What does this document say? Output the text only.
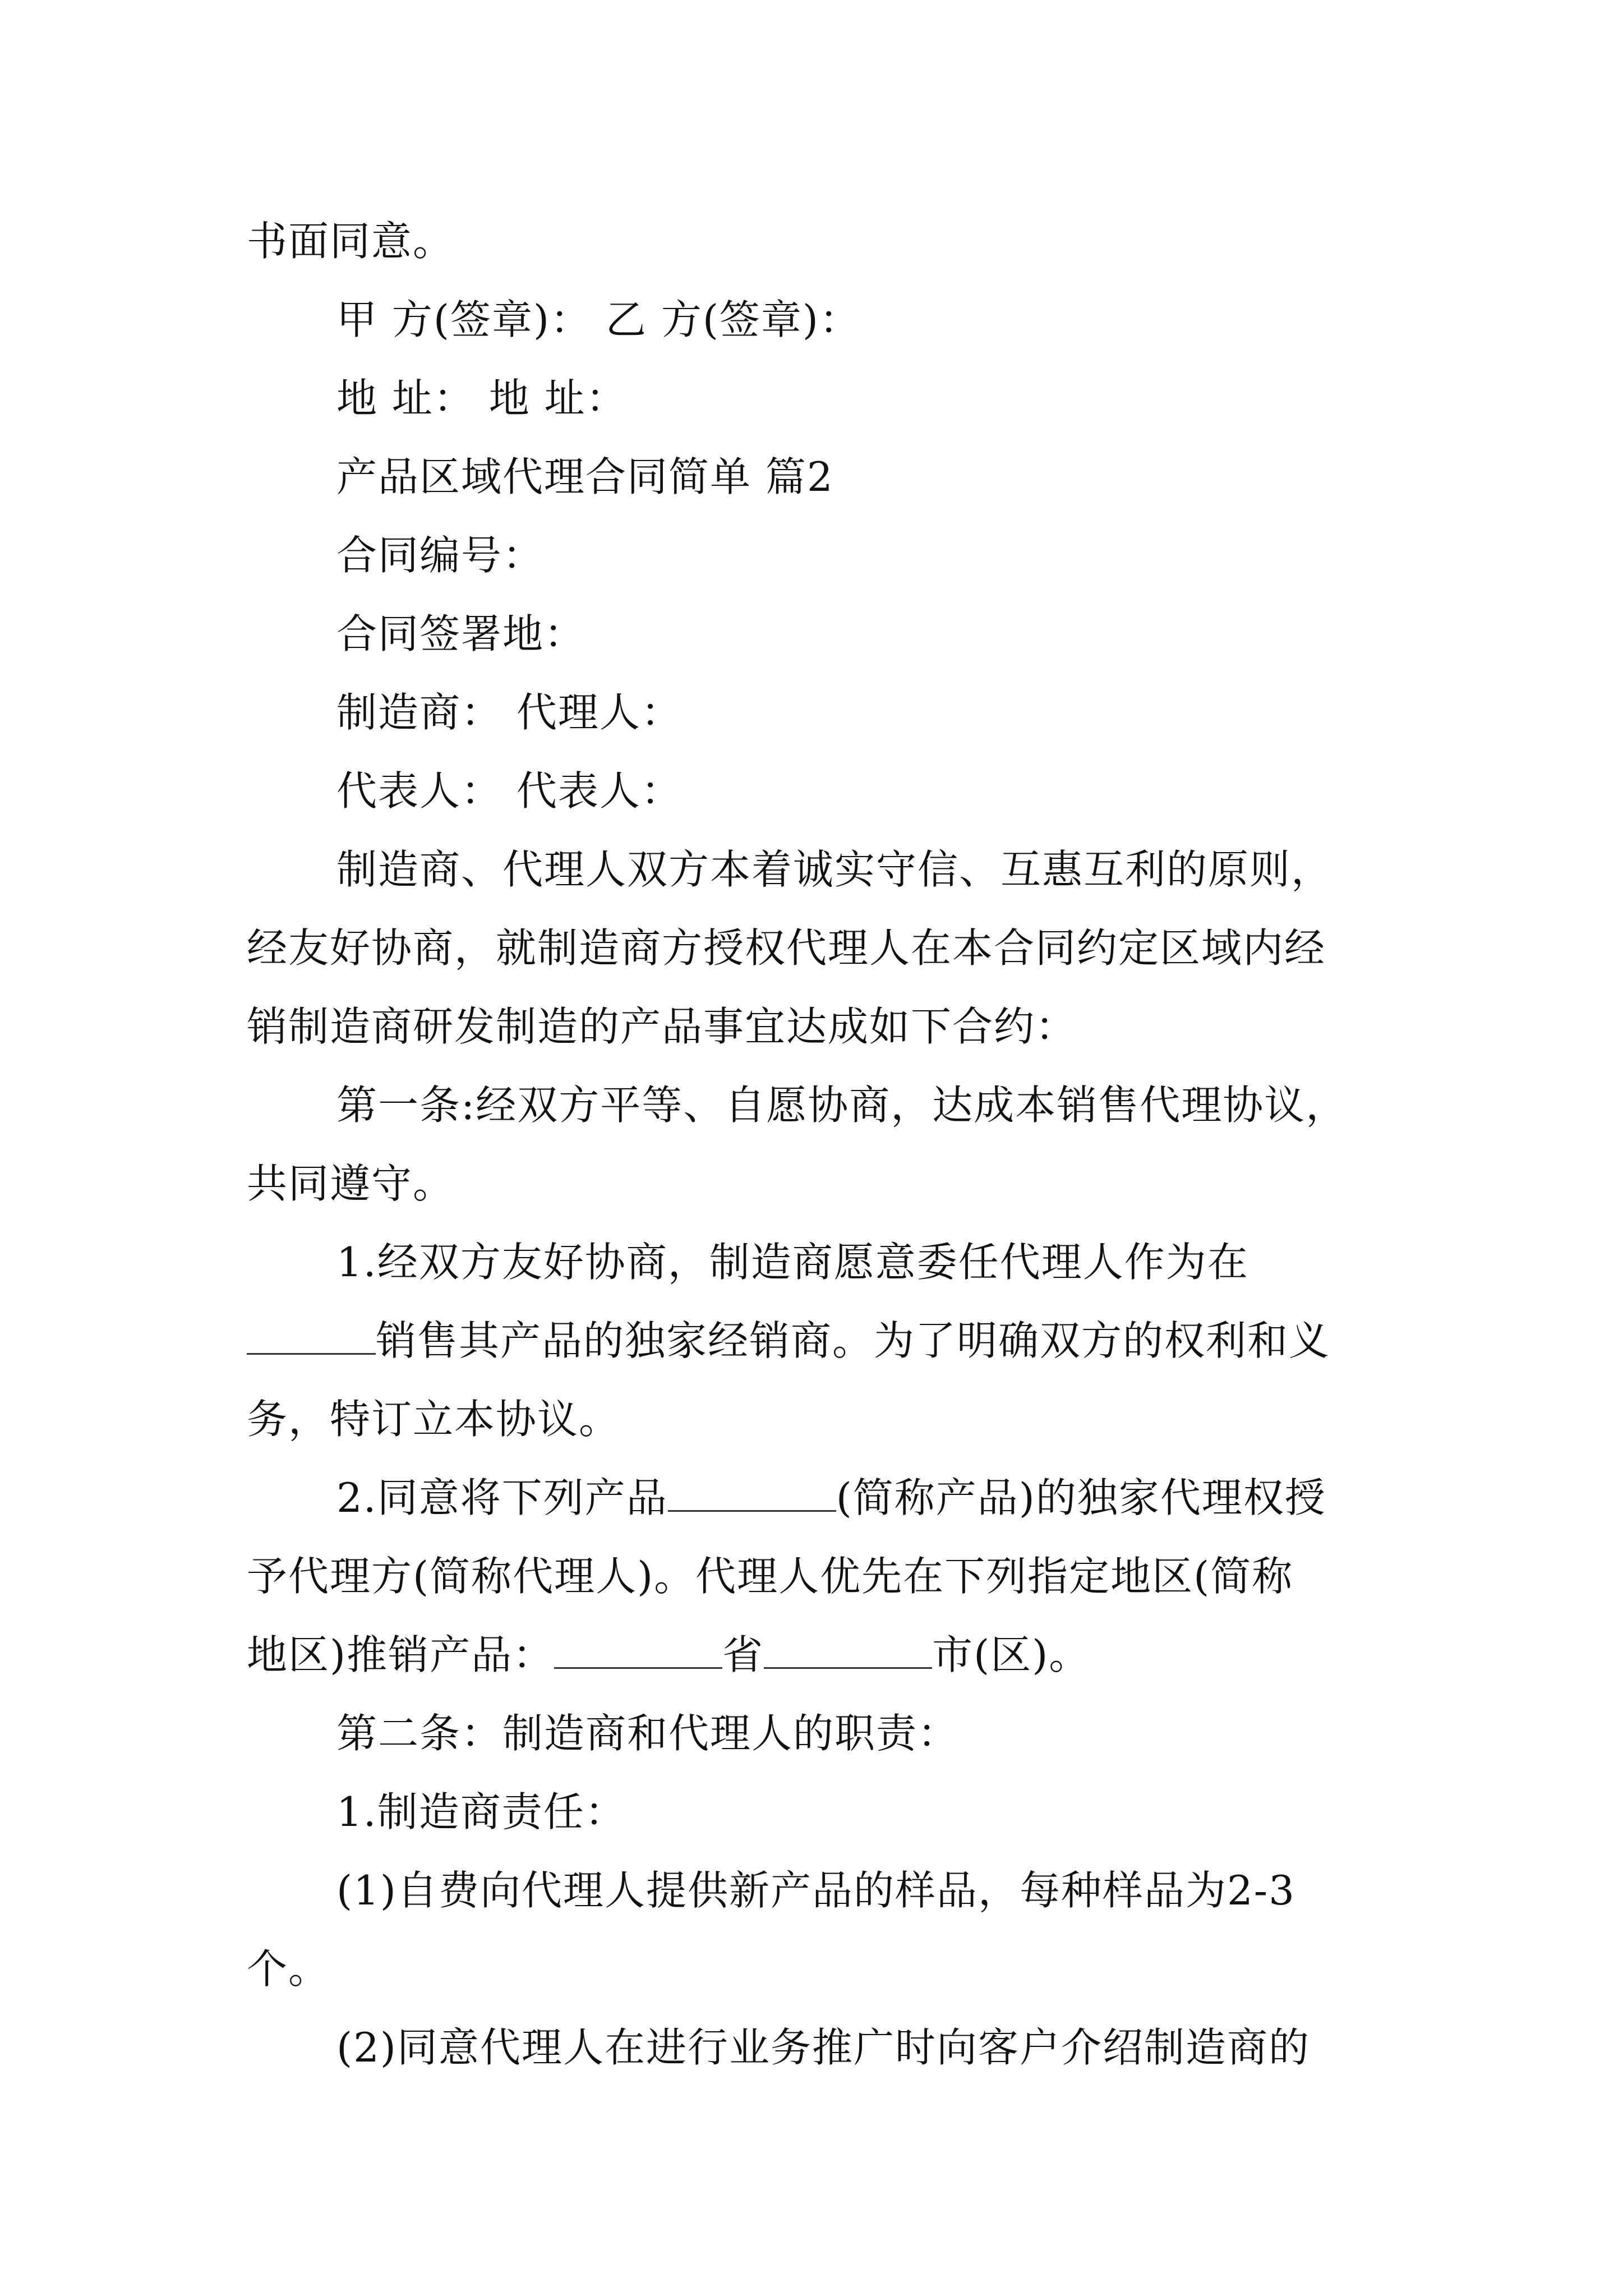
书面同意。
甲 方(签章)： 乙 方(签章)：
地 址： 地 址：
产品区域代理合同简单 篇2
合同编号：
合同签署地：
制造商： 代理人：
代表人： 代表人：
制造商、代理人双方本着诚实守信、互惠互利的原则，
经友好协商，就制造商方授权代理人在本合同约定区域内经
销制造商研发制造的产品事宜达成如下合约：
第一条:经双方平等、自愿协商，达成本销售代理协议，
共同遵守。
1.经双方友好协商，制造商愿意委任代理人作为在
销售其产品的独家经销商。为了明确双方的权利和义
务，特订立本协议。
2.同意将下列产品	(简称产品)的独家代理权授
予代理方(简称代理人)。代理人优先在下列指定地区(简称
地区)推销产品：	省	市(区)。
第二条：制造商和代理人的职责：
1.制造商责任：
(1)自费向代理人提供新产品的样品，每种样品为2-3
个。
(2)同意代理人在进行业务推广时向客户介绍制造商的
